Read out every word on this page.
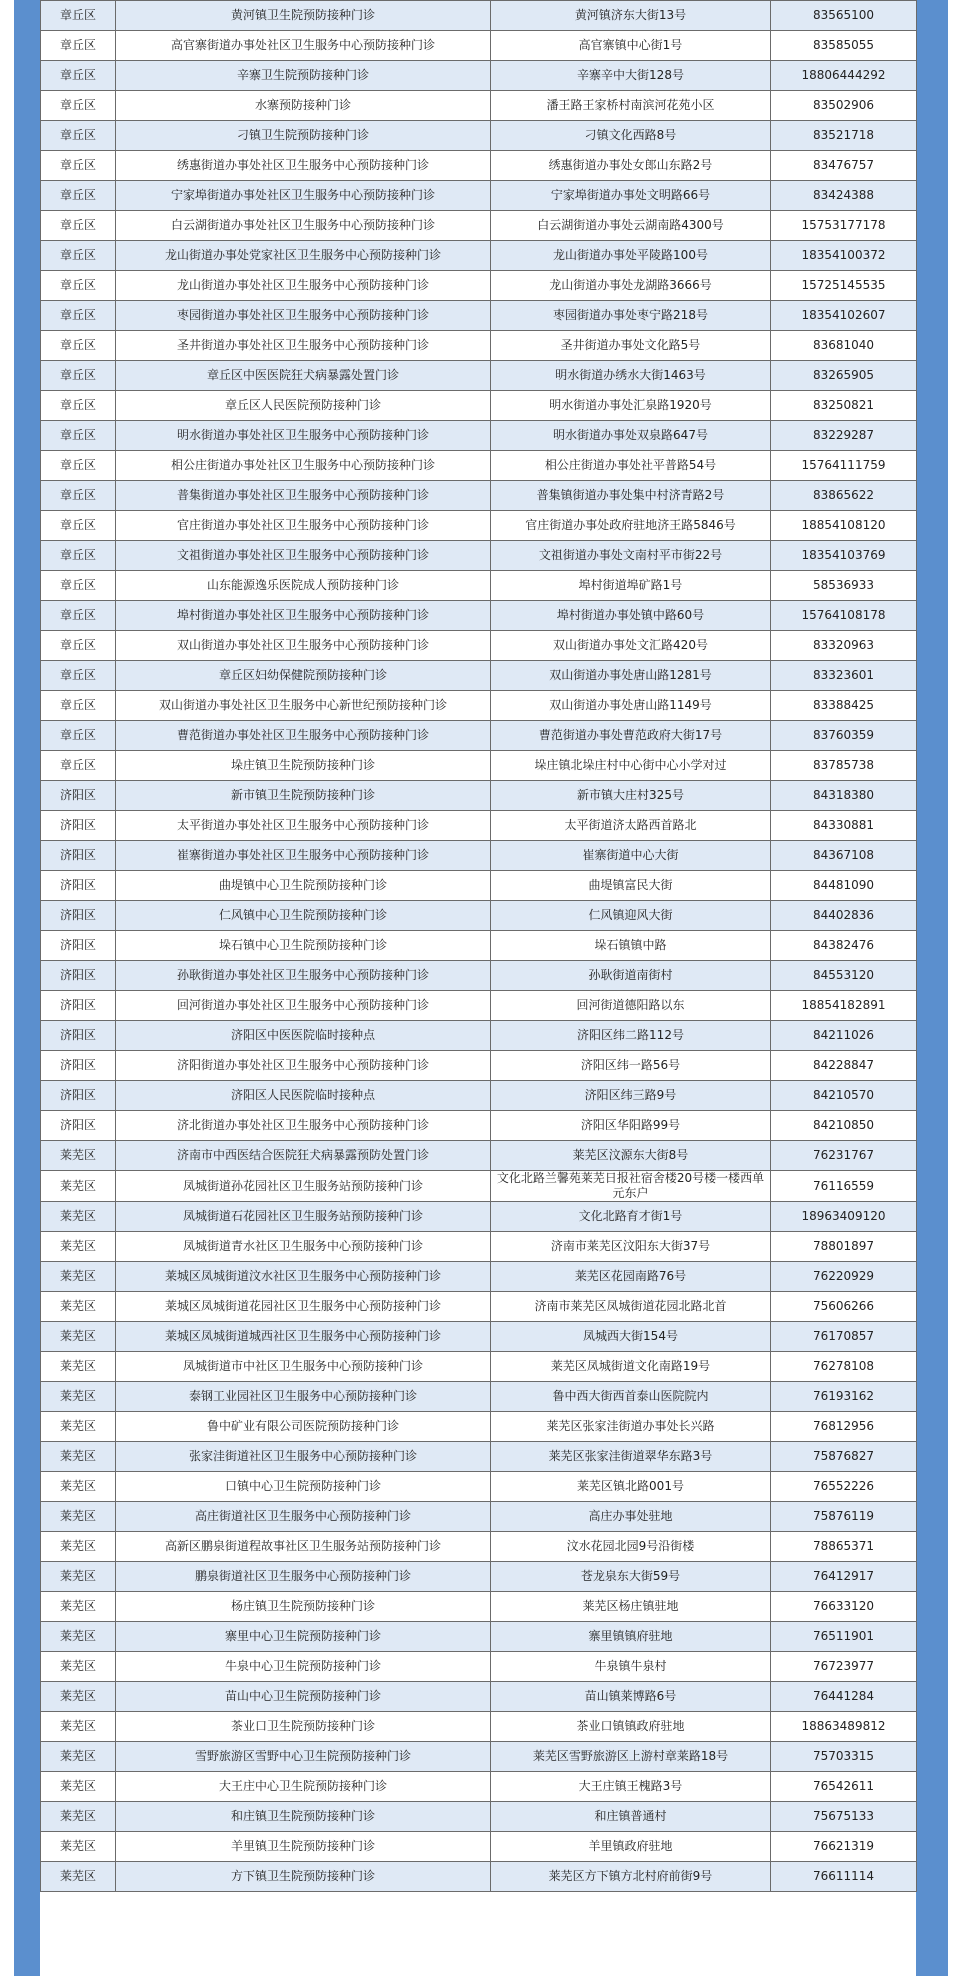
章丘区	黄河镇卫生院预防接种门诊	黄河镇济东大街13号	83565100
章丘区	高官寨街道办事处社区卫生服务中心预防接种门诊	高官寨镇中心街1号	83585055
章丘区	辛寨卫生院预防接种门诊	辛寨辛中大街128号	18806444292
章丘区	水寨预防接种门诊	潘王路王家桥村南滨河花苑小区	83502906
章丘区	刁镇卫生院预防接种门诊	刁镇文化西路8号	83521718
章丘区	绣惠街道办事处社区卫生服务中心预防接种门诊	绣惠街道办事处女郎山东路2号	83476757
章丘区	宁家埠街道办事处社区卫生服务中心预防接种门诊	宁家埠街道办事处文明路66号	83424388
章丘区	白云湖街道办事处社区卫生服务中心预防接种门诊	白云湖街道办事处云湖南路4300号	15753177178
章丘区	龙山街道办事处党家社区卫生服务中心预防接种门诊	龙山街道办事处平陵路100号	18354100372
章丘区	龙山街道办事处社区卫生服务中心预防接种门诊	龙山街道办事处龙湖路3666号	15725145535
章丘区	枣园街道办事处社区卫生服务中心预防接种门诊	枣园街道办事处枣宁路218号	18354102607
章丘区	圣井街道办事处社区卫生服务中心预防接种门诊	圣井街道办事处文化路5号	83681040
章丘区	章丘区中医医院狂犬病暴露处置门诊	明水街道办绣水大街1463号	83265905
章丘区	章丘区人民医院预防接种门诊	明水街道办事处汇泉路1920号	83250821
章丘区	明水街道办事处社区卫生服务中心预防接种门诊	明水街道办事处双泉路647号	83229287
章丘区	相公庄街道办事处社区卫生服务中心预防接种门诊	相公庄街道办事处社平普路54号	15764111759
章丘区	普集街道办事处社区卫生服务中心预防接种门诊	普集镇街道办事处集中村济青路2号	83865622
章丘区	官庄街道办事处社区卫生服务中心预防接种门诊	官庄街道办事处政府驻地济王路5846号	18854108120
章丘区	文祖街道办事处社区卫生服务中心预防接种门诊	文祖街道办事处文南村平市街22号	18354103769
章丘区	山东能源逸乐医院成人预防接种门诊	埠村街道埠矿路1号	58536933
章丘区	埠村街道办事处社区卫生服务中心预防接种门诊	埠村街道办事处镇中路60号	15764108178
章丘区	双山街道办事处社区卫生服务中心预防接种门诊	双山街道办事处文汇路420号	83320963
章丘区	章丘区妇幼保健院预防接种门诊	双山街道办事处唐山路1281号	83323601
章丘区	双山街道办事处社区卫生服务中心新世纪预防接种门诊	双山街道办事处唐山路1149号	83388425
章丘区	曹范街道办事处社区卫生服务中心预防接种门诊	曹范街道办事处曹范政府大街17号	83760359
章丘区	垛庄镇卫生院预防接种门诊	垛庄镇北垛庄村中心街中心小学对过	83785738
济阳区	新市镇卫生院预防接种门诊	新市镇大庄村325号	84318380
济阳区	太平街道办事处社区卫生服务中心预防接种门诊	太平街道济太路西首路北	84330881
济阳区	崔寨街道办事处社区卫生服务中心预防接种门诊	崔寨街道中心大街	84367108
济阳区	曲堤镇中心卫生院预防接种门诊	曲堤镇富民大街	84481090
济阳区	仁风镇中心卫生院预防接种门诊	仁风镇迎风大街	84402836
济阳区	垛石镇中心卫生院预防接种门诊	垛石镇镇中路	84382476
济阳区	孙耿街道办事处社区卫生服务中心预防接种门诊	孙耿街道南街村	84553120
济阳区	回河街道办事处社区卫生服务中心预防接种门诊	回河街道德阳路以东	18854182891
济阳区	济阳区中医医院临时接种点	济阳区纬二路112号	84211026
济阳区	济阳街道办事处社区卫生服务中心预防接种门诊	济阳区纬一路56号	84228847
济阳区	济阳区人民医院临时接种点	济阳区纬三路9号	84210570
济阳区	济北街道办事处社区卫生服务中心预防接种门诊	济阳区华阳路99号	84210850
莱芜区	济南市中西医结合医院狂犬病暴露预防处置门诊	莱芜区汶源东大街8号	76231767
莱芜区	凤城街道孙花园社区卫生服务站预防接种门诊	文化北路兰馨苑莱芜日报社宿舍楼20号楼一楼西单元东户	76116559
莱芜区	凤城街道石花园社区卫生服务站预防接种门诊	文化北路育才街1号	18963409120
莱芜区	凤城街道青水社区卫生服务中心预防接种门诊	济南市莱芜区汶阳东大街37号	78801897
莱芜区	莱城区凤城街道汶水社区卫生服务中心预防接种门诊	莱芜区花园南路76号	76220929
莱芜区	莱城区凤城街道花园社区卫生服务中心预防接种门诊	济南市莱芜区凤城街道花园北路北首	75606266
莱芜区	莱城区凤城街道城西社区卫生服务中心预防接种门诊	凤城西大街154号	76170857
莱芜区	凤城街道市中社区卫生服务中心预防接种门诊	莱芜区凤城街道文化南路19号	76278108
莱芜区	泰钢工业园社区卫生服务中心预防接种门诊	鲁中西大街西首泰山医院院内	76193162
莱芜区	鲁中矿业有限公司医院预防接种门诊	莱芜区张家洼街道办事处长兴路	76812956
莱芜区	张家洼街道社区卫生服务中心预防接种门诊	莱芜区张家洼街道翠华东路3号	75876827
莱芜区	口镇中心卫生院预防接种门诊	莱芜区镇北路001号	76552226
莱芜区	高庄街道社区卫生服务中心预防接种门诊	高庄办事处驻地	75876119
莱芜区	高新区鹏泉街道程故事社区卫生服务站预防接种门诊	汶水花园北园9号沿街楼	78865371
莱芜区	鹏泉街道社区卫生服务中心预防接种门诊	苍龙泉东大街59号	76412917
莱芜区	杨庄镇卫生院预防接种门诊	莱芜区杨庄镇驻地	76633120
莱芜区	寨里中心卫生院预防接种门诊	寨里镇镇府驻地	76511901
莱芜区	牛泉中心卫生院预防接种门诊	牛泉镇牛泉村	76723977
莱芜区	苗山中心卫生院预防接种门诊	苗山镇莱博路6号	76441284
莱芜区	茶业口卫生院预防接种门诊	茶业口镇镇政府驻地	18863489812
莱芜区	雪野旅游区雪野中心卫生院预防接种门诊	莱芜区雪野旅游区上游村章莱路18号	75703315
莱芜区	大王庄中心卫生院预防接种门诊	大王庄镇王槐路3号	76542611
莱芜区	和庄镇卫生院预防接种门诊	和庄镇普通村	75675133
莱芜区	羊里镇卫生院预防接种门诊	羊里镇政府驻地	76621319
莱芜区	方下镇卫生院预防接种门诊	莱芜区方下镇方北村府前街9号	76611114
